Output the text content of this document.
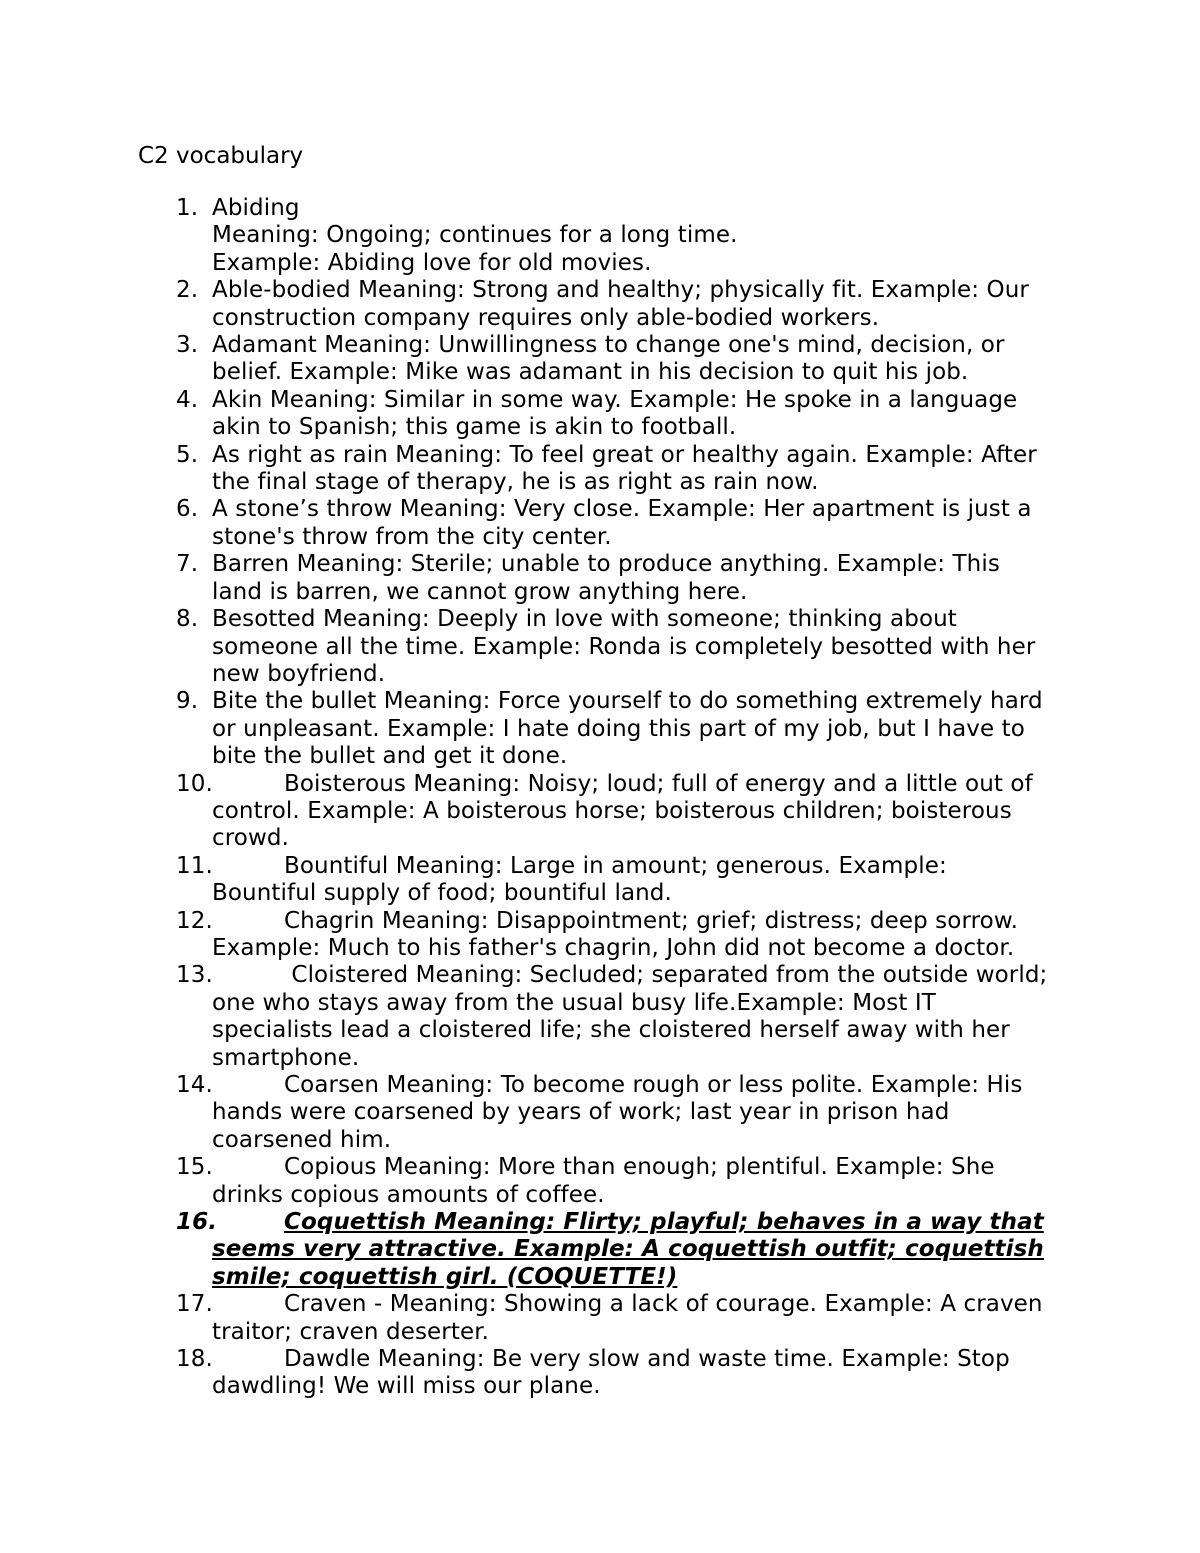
C2 vocabulary
1. Abiding
Meaning: Ongoing; continues for a long time.
Example: Abiding love for old movies.
2. Able-bodied Meaning: Strong and healthy; physically fit. Example: Our
construction company requires only able-bodied workers.
3. Adamant Meaning: Unwillingness to change one's mind, decision, or
belief. Example: Mike was adamant in his decision to quit his job.
4. Akin Meaning: Similar in some way. Example: He spoke in a language
akin to Spanish; this game is akin to football.
5. As right as rain Meaning: To feel great or healthy again. Example: After
the final stage of therapy, he is as right as rain now.
6. A stone’s throw Meaning: Very close. Example: Her apartment is just a
stone's throw from the city center.
7. Barren Meaning: Sterile; unable to produce anything. Example: This
land is barren, we cannot grow anything here.
8. Besotted Meaning: Deeply in love with someone; thinking about
someone all the time. Example: Ronda is completely besotted with her
new boyfriend.
9. Bite the bullet Meaning: Force yourself to do something extremely hard
or unpleasant. Example: I hate doing this part of my job, but I have to
bite the bullet and get it done.
10.	Boisterous Meaning: Noisy; loud; full of energy and a little out of
control. Example: A boisterous horse; boisterous children; boisterous
crowd.
11.	Bountiful Meaning: Large in amount; generous. Example:
Bountiful supply of food; bountiful land.
12.	Chagrin Meaning: Disappointment; grief; distress; deep sorrow.
Example: Much to his father's chagrin, John did not become a doctor.
13.	Cloistered Meaning: Secluded; separated from the outside world;
one who stays away from the usual busy life.Example: Most IT
specialists lead a cloistered life; she cloistered herself away with her
smartphone.
14.	Coarsen Meaning: To become rough or less polite. Example: His
hands were coarsened by years of work; last year in prison had
coarsened him.
15.	Copious Meaning: More than enough; plentiful. Example: She
drinks copious amounts of coffee.
16.	Coquettish Meaning: Flirty; playful; behaves in a way that
seems very attractive. Example: A coquettish outfit; coquettish
smile; coquettish girl. (COQUETTE!)
17.	Craven - Meaning: Showing a lack of courage. Example: A craven
traitor; craven deserter.
18.	Dawdle Meaning: Be very slow and waste time. Example: Stop
dawdling! We will miss our plane.
